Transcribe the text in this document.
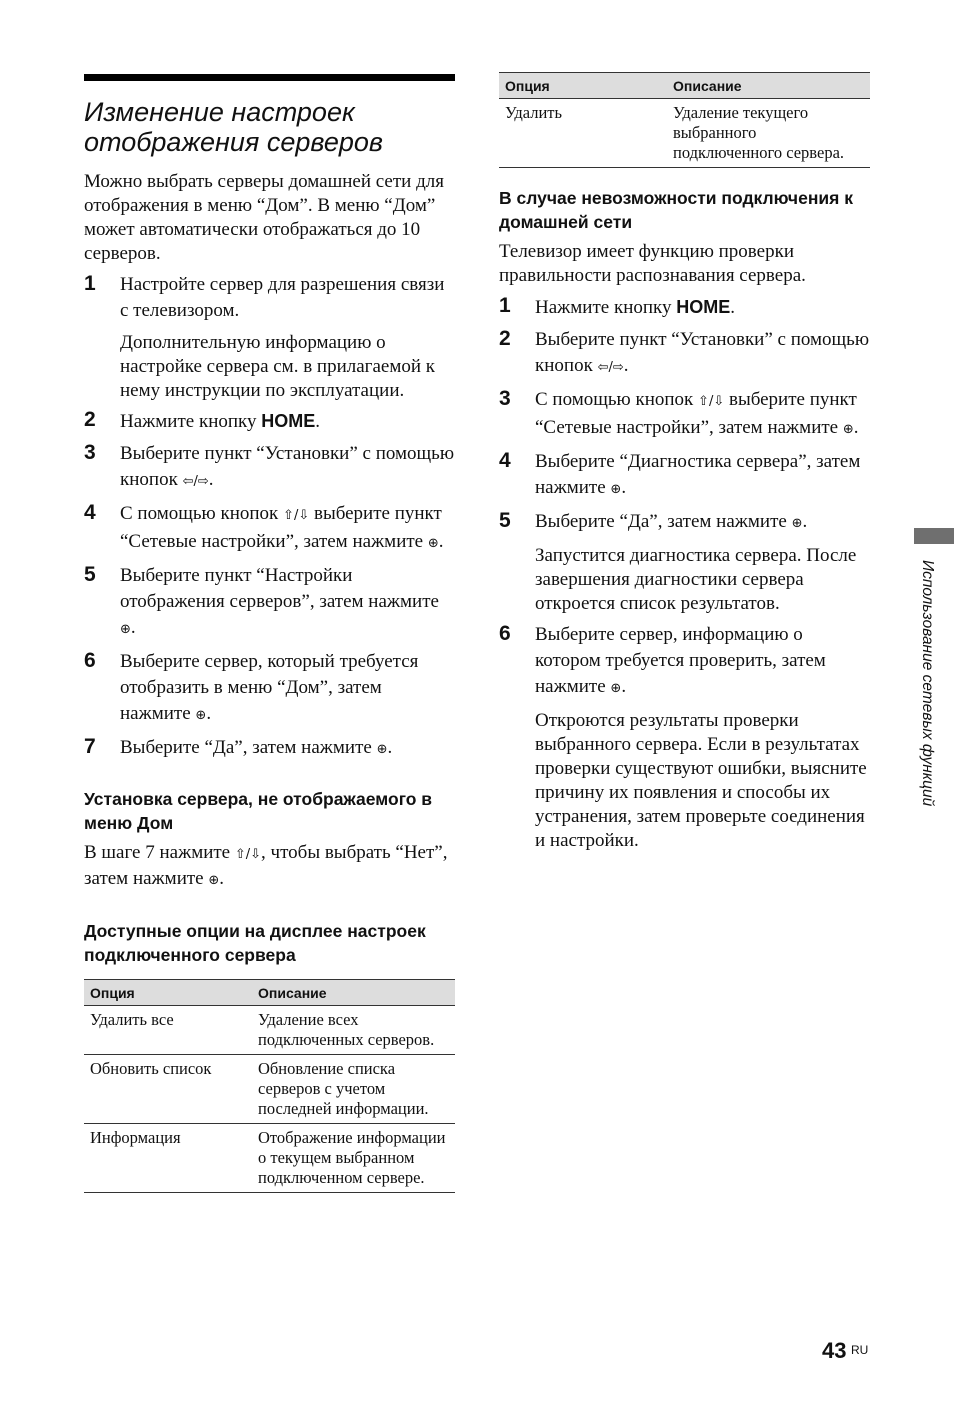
Изменение настроек
отображения серверов

Можно выбрать серверы домашней сети для отображения в меню “Дом”. В меню “Дом” может автоматически отображаться до 10 серверов.

1 Настройте сервер для разрешения связи с телевизором.
Дополнительную информацию о настройке сервера см. в прилагаемой к нему инструкции по эксплуатации.
2 Нажмите кнопку HOME.
3 Выберите пункт “Установки” с помощью кнопок ⇦/⇨.
4 С помощью кнопок ⇧/⇩ выберите пункт “Сетевые настройки”, затем нажмите ⊕.
5 Выберите пункт “Настройки отображения серверов”, затем нажмите ⊕.
6 Выберите сервер, который требуется отобразить в меню “Дом”, затем нажмите ⊕.
7 Выберите “Да”, затем нажмите ⊕.

Установка сервера, не отображаемого в меню Дом

В шаге 7 нажмите ⇧/⇩, чтобы выбрать “Нет”, затем нажмите ⊕.

Доступные опции на дисплее настроек подключенного сервера

Опция	Описание
Удалить все	Удаление всех подключенных серверов.
Обновить список	Обновление списка серверов с учетом последней информации.
Информация	Отображение информации о текущем выбранном подключенном сервере.
Опция	Описание
Удалить	Удаление текущего выбранного подключенного сервера.

В случае невозможности подключения к домашней сети

Телевизор имеет функцию проверки правильности распознавания сервера.

1 Нажмите кнопку HOME.
2 Выберите пункт “Установки” с помощью кнопок ⇦/⇨.
3 С помощью кнопок ⇧/⇩ выберите пункт “Сетевые настройки”, затем нажмите ⊕.
4 Выберите “Диагностика сервера”, затем нажмите ⊕.
5 Выберите “Да”, затем нажмите ⊕.
Запустится диагностика сервера. После завершения диагностики сервера откроется список результатов.
6 Выберите сервер, информацию о котором требуется проверить, затем нажмите ⊕.
Откроются результаты проверки выбранного сервера. Если в результатах проверки существуют ошибки, выясните причину их появления и способы их устранения, затем проверьте соединения и настройки.
Использование сетевых функций
43 RU
